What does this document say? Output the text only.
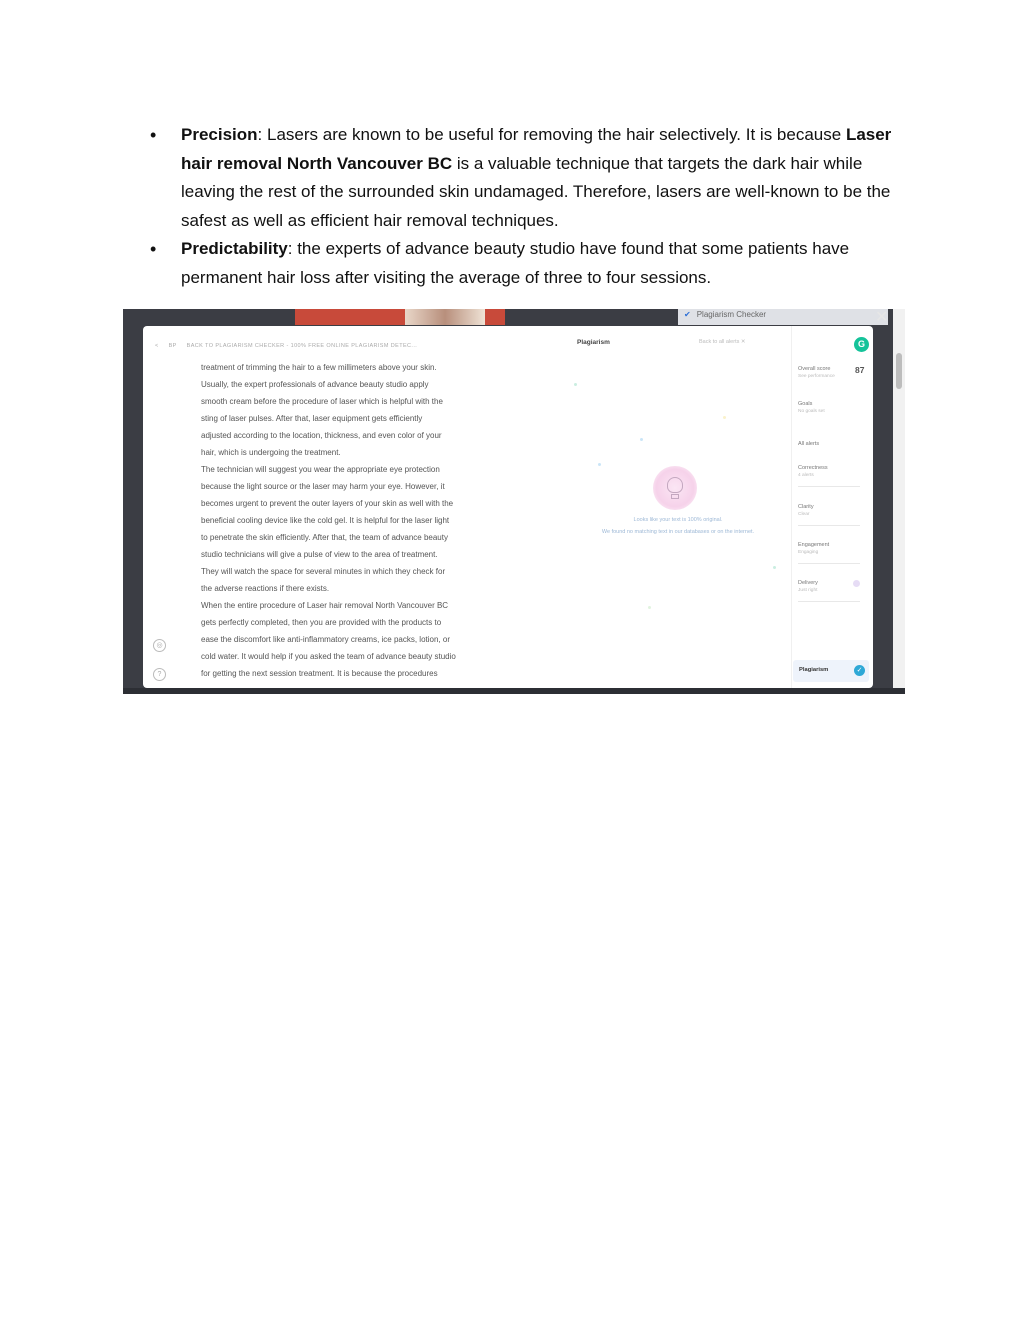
• Precision: Lasers are known to be useful for removing the hair selectively. It is because Laser hair removal North Vancouver BC is a valuable technique that targets the dark hair while leaving the rest of the surrounded skin undamaged. Therefore, lasers are well-known to be the safest as well as efficient hair removal techniques.
• Predictability: the experts of advance beauty studio have found that some patients have permanent hair loss after visiting the average of three to four sessions.
✔ Plagiarism Checker	✕
< BP BACK TO PLAGIARISM CHECKER - 100% FREE ONLINE PLAGIARISM DETEC...
treatment of trimming the hair to a few millimeters above your skin.
Usually, the expert professionals of advance beauty studio apply
smooth cream before the procedure of laser which is helpful with the
sting of laser pulses. After that, laser equipment gets efficiently
adjusted according to the location, thickness, and even color of your
hair, which is undergoing the treatment.
The technician will suggest you wear the appropriate eye protection
because the light source or the laser may harm your eye. However, it
becomes urgent to prevent the outer layers of your skin as well with the
beneficial cooling device like the cold gel. It is helpful for the laser light
to penetrate the skin efficiently. After that, the team of advance beauty
studio technicians will give a pulse of view to the area of treatment.
They will watch the space for several minutes in which they check for
the adverse reactions if there exists.
When the entire procedure of Laser hair removal North Vancouver BC
gets perfectly completed, then you are provided with the products to
ease the discomfort like anti-inflammatory creams, ice packs, lotion, or
cold water. It would help if you asked the team of advance beauty studio
for getting the next session treatment. It is because the procedures
◎
?
Plagiarism	Back to all alerts ✕
Looks like your text is 100% original.
We found no matching text in our databases or on the internet.
G
Overall score
See performance
87
Goals
No goals set
All alerts
Correctness
4 alerts
Clarity
Clear
Engagement
Engaging
Delivery
Just right
Plagiarism	✓
